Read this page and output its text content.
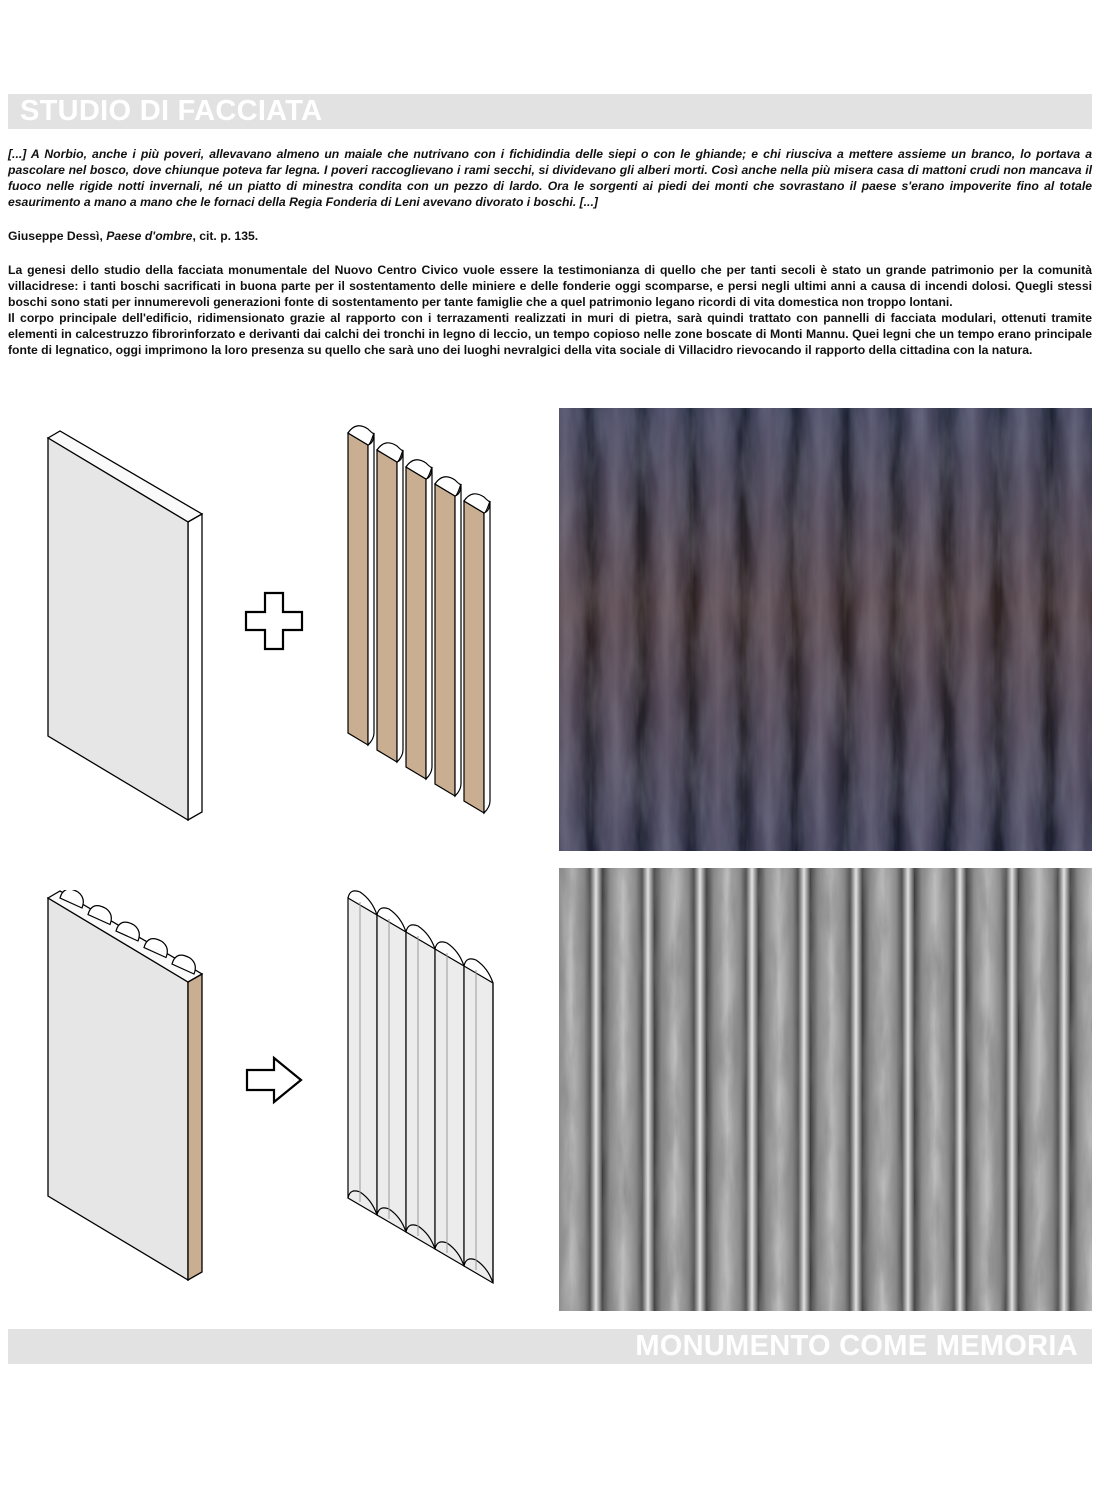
STUDIO DI FACCIATA
[...] A Norbio, anche i più poveri, allevavano almeno un maiale che nutrivano con i fichidindia delle siepi o con le ghiande; e chi riusciva a mettere assieme un branco, lo portava a pascolare nel bosco, dove chiunque poteva far legna. I poveri raccoglievano i rami secchi, si dividevano gli alberi morti. Così anche nella più misera casa di mattoni crudi non mancava il fuoco nelle rigide notti invernali, né un piatto di minestra condita con un pezzo di lardo. Ora le sorgenti ai piedi dei monti che sovrastano il paese s'erano impoverite fino al totale esaurimento a mano a mano che le fornaci della Regia Fonderia di Leni avevano divorato i boschi. [...]
Giuseppe Dessì, Paese d'ombre, cit. p. 135.

La genesi dello studio della facciata monumentale del Nuovo Centro Civico vuole essere la testimonianza di quello che per tanti secoli è stato un grande patrimonio per la comunità villacidrese: i tanti boschi sacrificati in buona parte per il sostentamento delle miniere e delle fonderie oggi scomparse, e persi negli ultimi anni a causa di incendi dolosi. Quegli stessi boschi sono stati per innumerevoli generazioni fonte di sostentamento per tante famiglie che a quel patrimonio legano ricordi di vita domestica non troppo lontani.

Il corpo principale dell'edificio, ridimensionato grazie al rapporto con i terrazamenti realizzati in muri di pietra, sarà quindi trattato con pannelli di facciata modulari, ottenuti tramite elementi in calcestruzzo fibrorinforzato e derivanti dai calchi dei tronchi in legno di leccio, un tempo copioso nelle zone boscate di Monti Mannu. Quei legni che un tempo erano principale fonte di legnatico, oggi imprimono la loro presenza su quello che sarà uno dei luoghi nevralgici della vita sociale di Villacidro rievocando il rapporto della cittadina con la natura.

MONUMENTO COME MEMORIA
